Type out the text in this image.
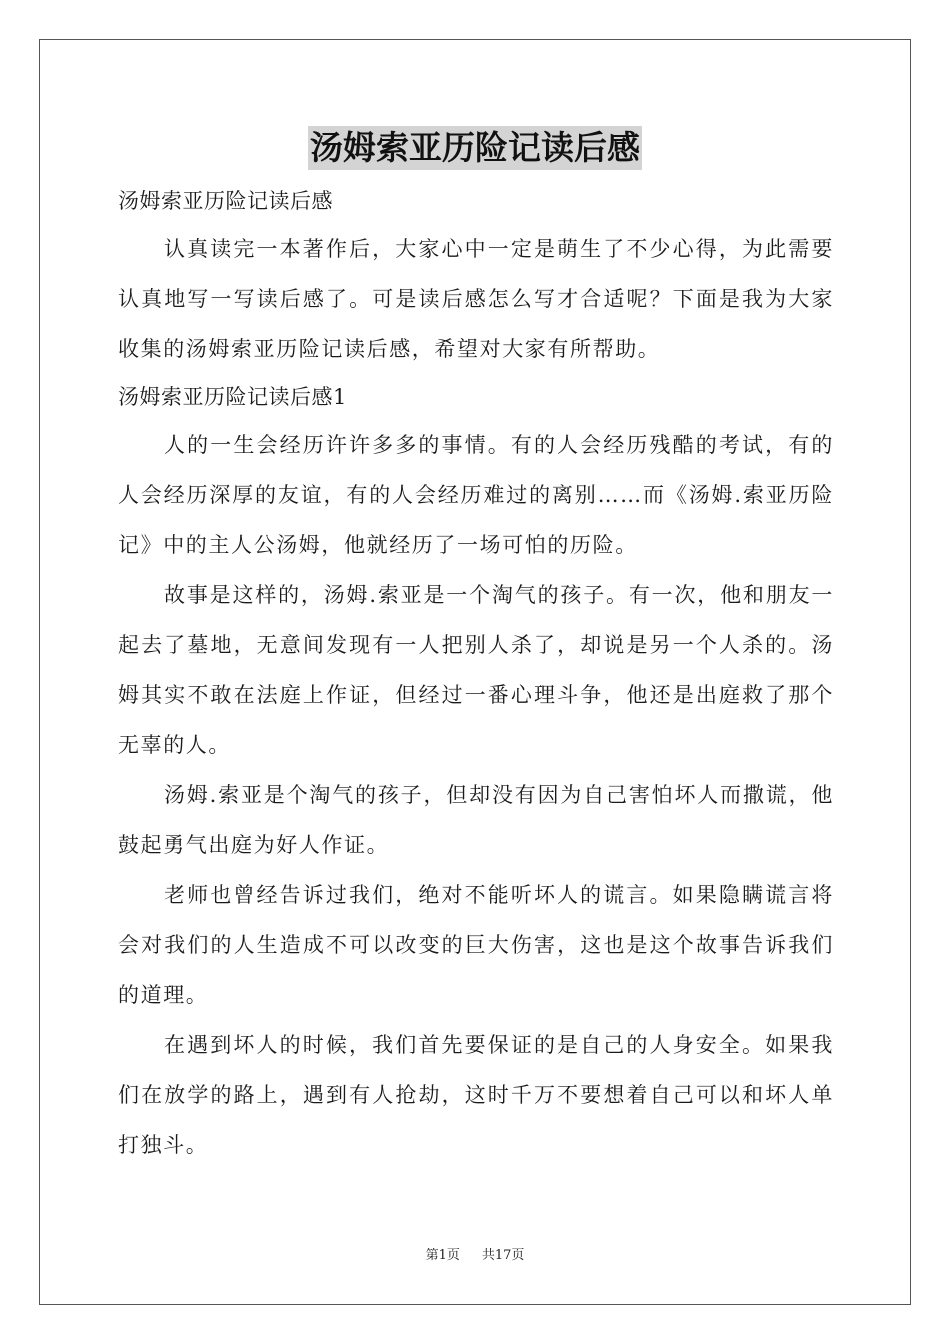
汤姆索亚历险记读后感

汤姆索亚历险记读后感

认真读完一本著作后，大家心中一定是萌生了不少心得，为此需要认真地写一写读后感了。可是读后感怎么写才合适呢？下面是我为大家收集的汤姆索亚历险记读后感，希望对大家有所帮助。

汤姆索亚历险记读后感1

人的一生会经历许许多多的事情。有的人会经历残酷的考试，有的人会经历深厚的友谊，有的人会经历难过的离别……而《汤姆.索亚历险记》中的主人公汤姆，他就经历了一场可怕的历险。

故事是这样的，汤姆.索亚是一个淘气的孩子。有一次，他和朋友一起去了墓地，无意间发现有一人把别人杀了，却说是另一个人杀的。汤姆其实不敢在法庭上作证，但经过一番心理斗争，他还是出庭救了那个无辜的人。

汤姆.索亚是个淘气的孩子，但却没有因为自己害怕坏人而撒谎，他鼓起勇气出庭为好人作证。

老师也曾经告诉过我们，绝对不能听坏人的谎言。如果隐瞒谎言将会对我们的人生造成不可以改变的巨大伤害，这也是这个故事告诉我们的道理。

在遇到坏人的时候，我们首先要保证的是自己的人身安全。如果我们在放学的路上，遇到有人抢劫，这时千万不要想着自己可以和坏人单打独斗。

第1页 共17页
